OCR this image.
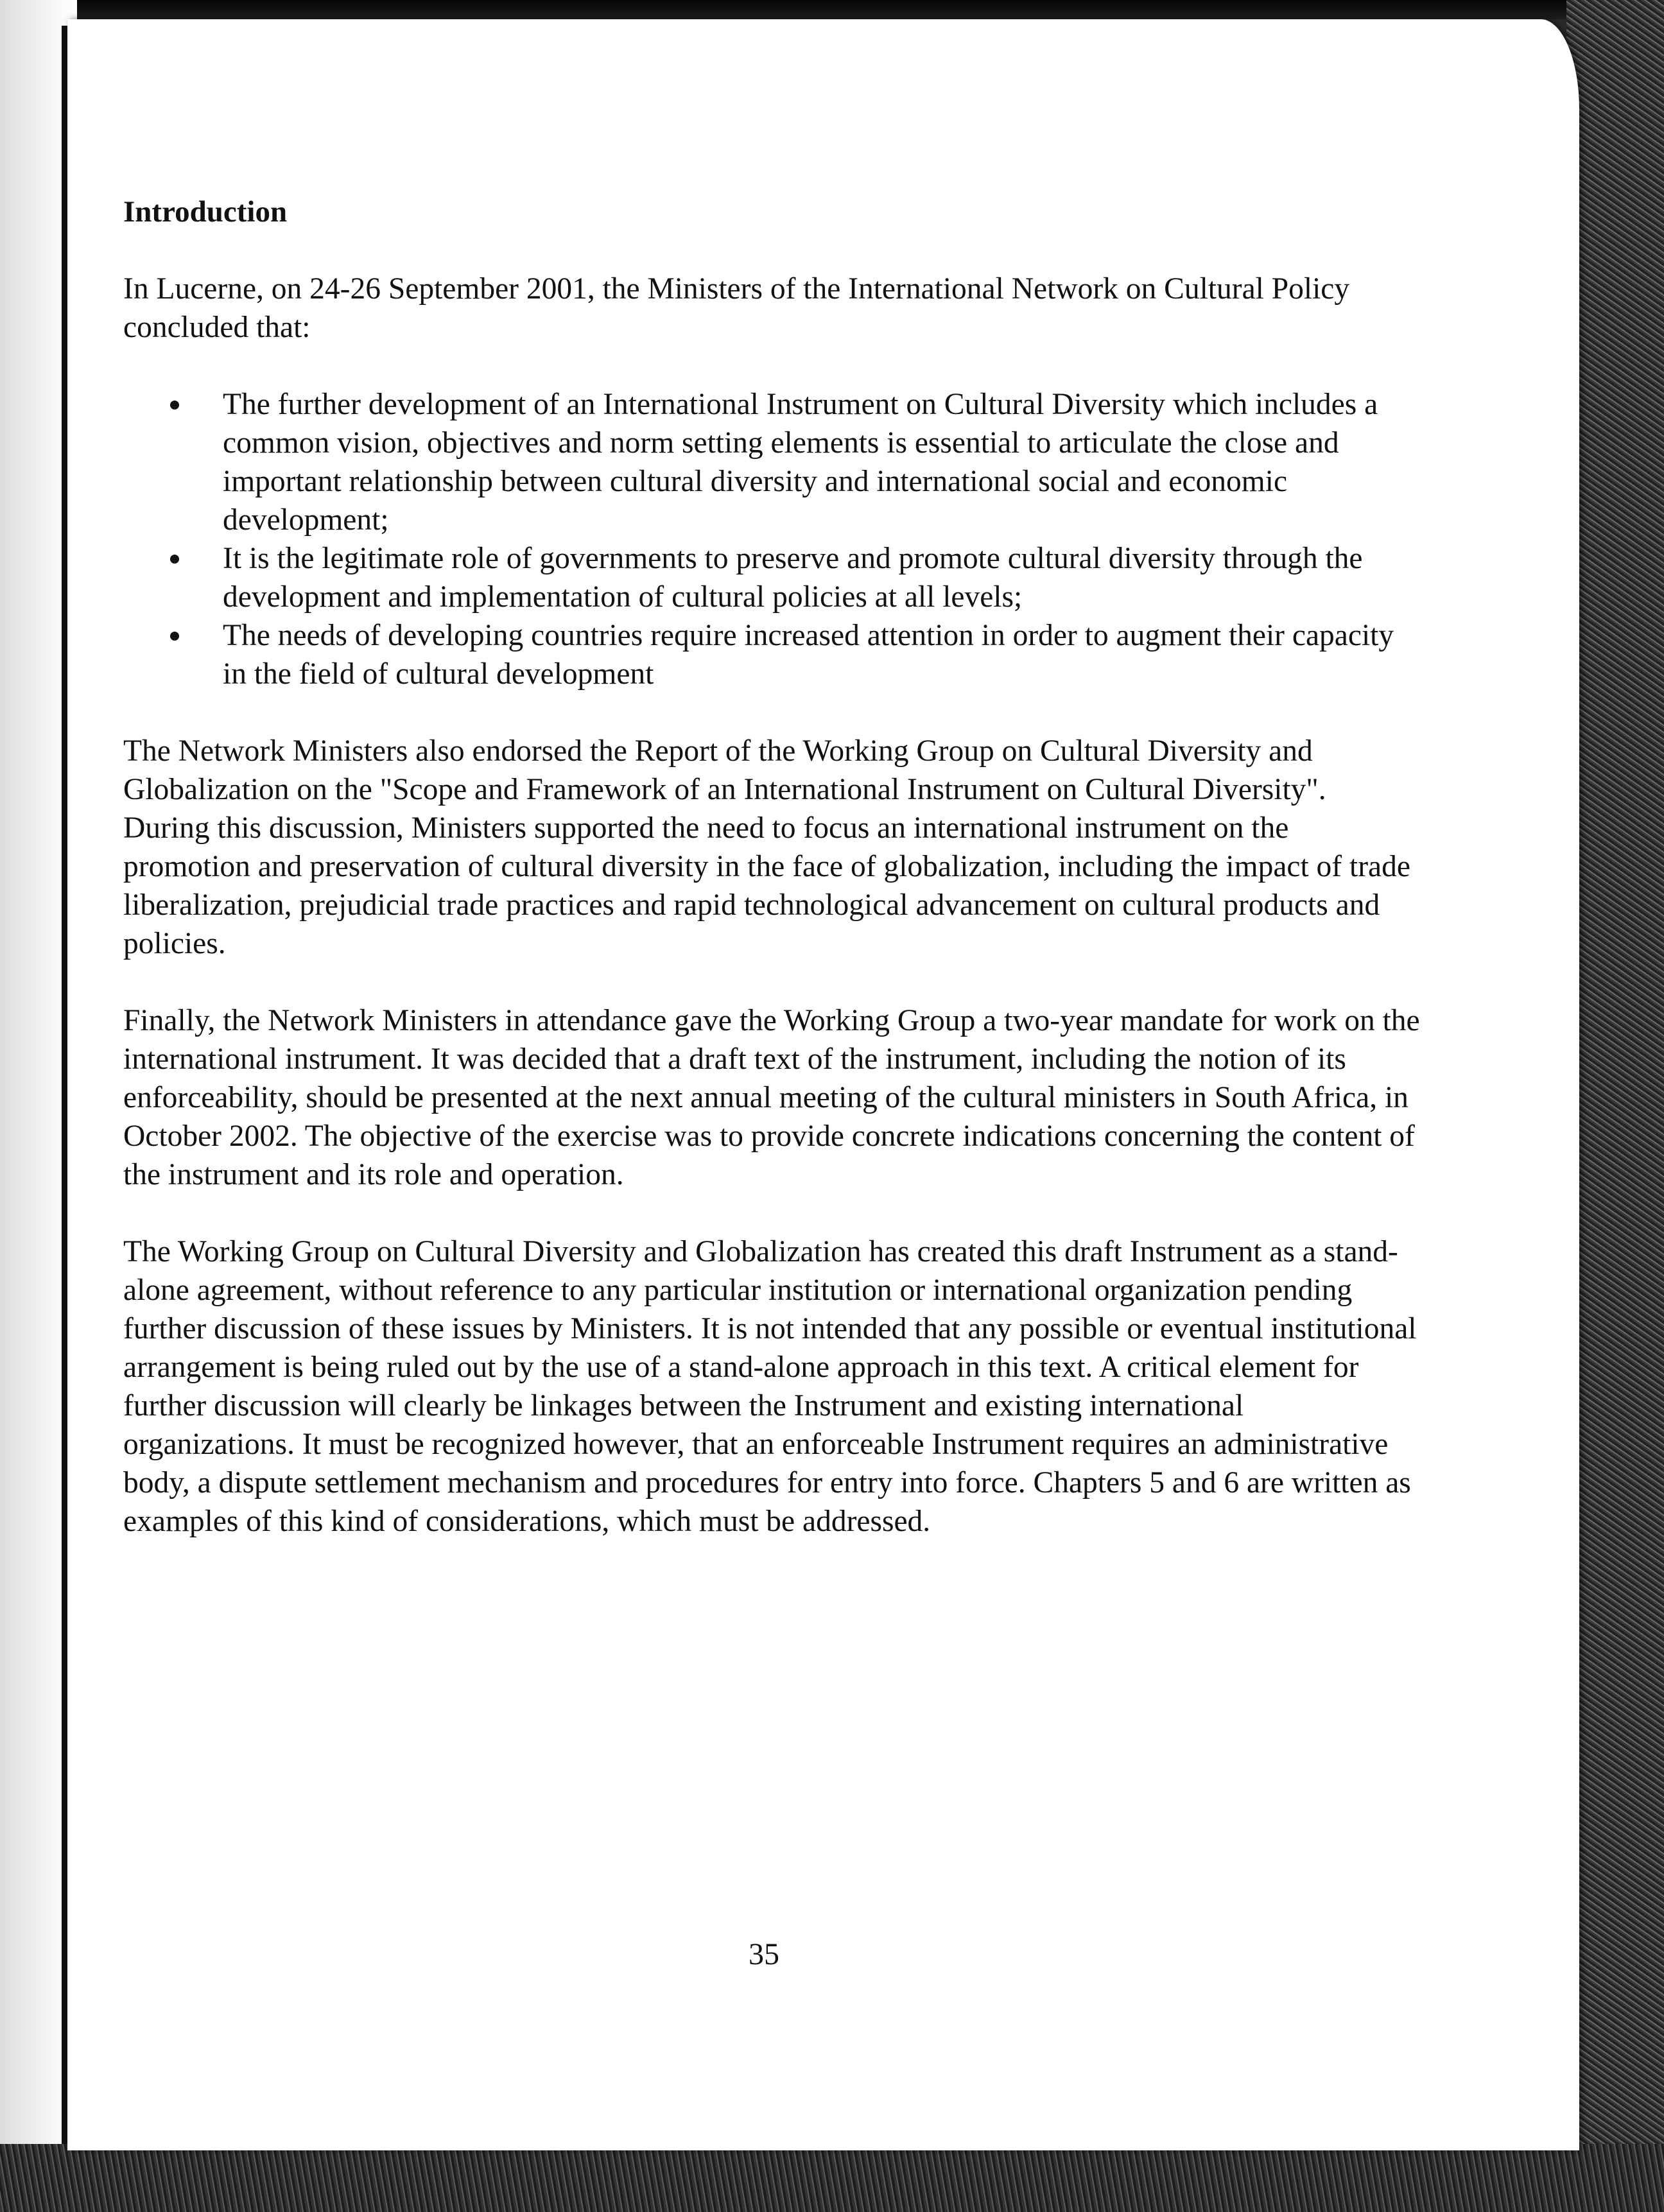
Introduction

In Lucerne, on 24-26 September 2001, the Ministers of the International Network on Cultural Policy concluded that:

The further development of an International Instrument on Cultural Diversity which includes a common vision, objectives and norm setting elements is essential to articulate the close and important relationship between cultural diversity and international social and economic development;
It is the legitimate role of governments to preserve and promote cultural diversity through the development and implementation of cultural policies at all levels;
The needs of developing countries require increased attention in order to augment their capacity in the field of cultural development

The Network Ministers also endorsed the Report of the Working Group on Cultural Diversity and Globalization on the "Scope and Framework of an International Instrument on Cultural Diversity". During this discussion, Ministers supported the need to focus an international instrument on the promotion and preservation of cultural diversity in the face of globalization, including the impact of trade liberalization, prejudicial trade practices and rapid technological advancement on cultural products and policies.

Finally, the Network Ministers in attendance gave the Working Group a two-year mandate for work on the international instrument. It was decided that a draft text of the instrument, including the notion of its enforceability, should be presented at the next annual meeting of the cultural ministers in South Africa, in October 2002. The objective of the exercise was to provide concrete indications concerning the content of the instrument and its role and operation.

The Working Group on Cultural Diversity and Globalization has created this draft Instrument as a stand-alone agreement, without reference to any particular institution or international organization pending further discussion of these issues by Ministers. It is not intended that any possible or eventual institutional arrangement is being ruled out by the use of a stand-alone approach in this text. A critical element for further discussion will clearly be linkages between the Instrument and existing international organizations. It must be recognized however, that an enforceable Instrument requires an administrative body, a dispute settlement mechanism and procedures for entry into force. Chapters 5 and 6 are written as examples of this kind of considerations, which must be addressed.

35
